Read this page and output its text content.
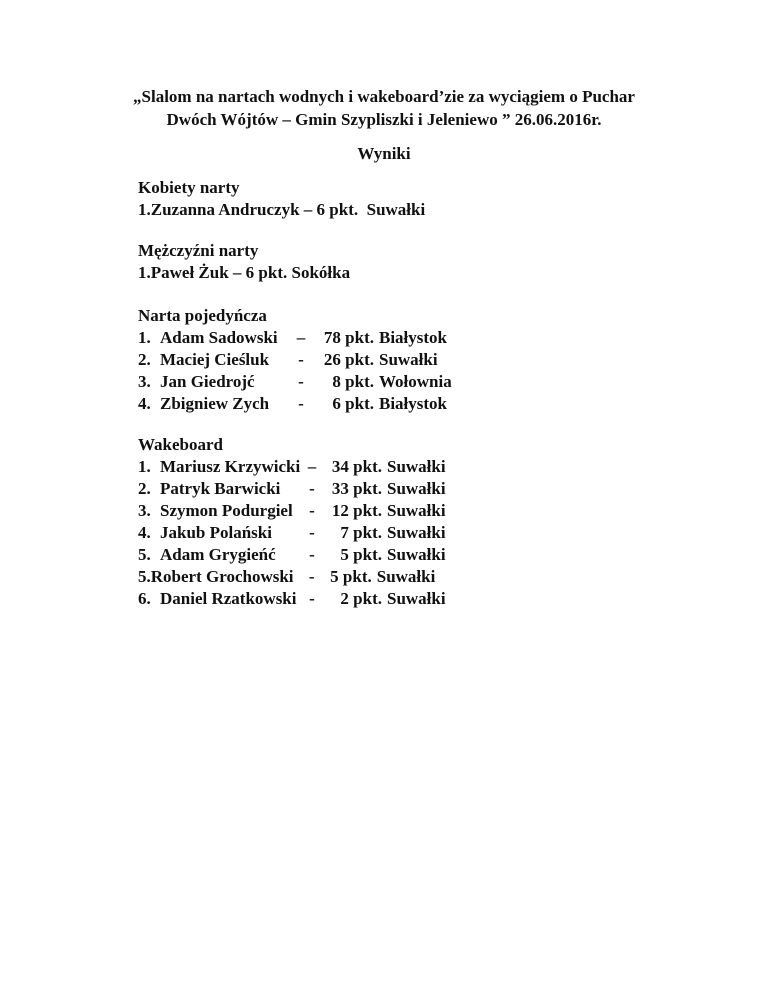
„Slalom na nartach wodnych i wakeboard’zie za wyciągiem o Puchar
Dwóch Wójtów – Gmin Szypliszki i Jeleniewo ” 26.06.2016r.
Wyniki
Kobiety narty
1.Zuzanna Andruczyk – 6 pkt.  Suwałki
Mężczyźni narty
1.Paweł Żuk – 6 pkt. Sokółka
Narta pojedyńcza
1. Adam Sadowski – 78 pkt. Białystok
2. Maciej Cieśluk - 26 pkt. Suwałki
3. Jan Giedrojć	- 8 pkt. Wołownia
4. Zbigniew Zych - 6 pkt. Białystok
Wakeboard
1. Mariusz Krzywicki – 34 pkt. Suwałki
2. Patryk Barwicki - 33 pkt. Suwałki
3. Szymon Podurgiel - 12 pkt. Suwałki
4. Jakub Polański - 7 pkt. Suwałki
5. Adam Grygieńć - 5 pkt. Suwałki
5.Robert Grochowski - 5 pkt. Suwałki
6. Daniel Rzatkowski - 2 pkt. Suwałki
